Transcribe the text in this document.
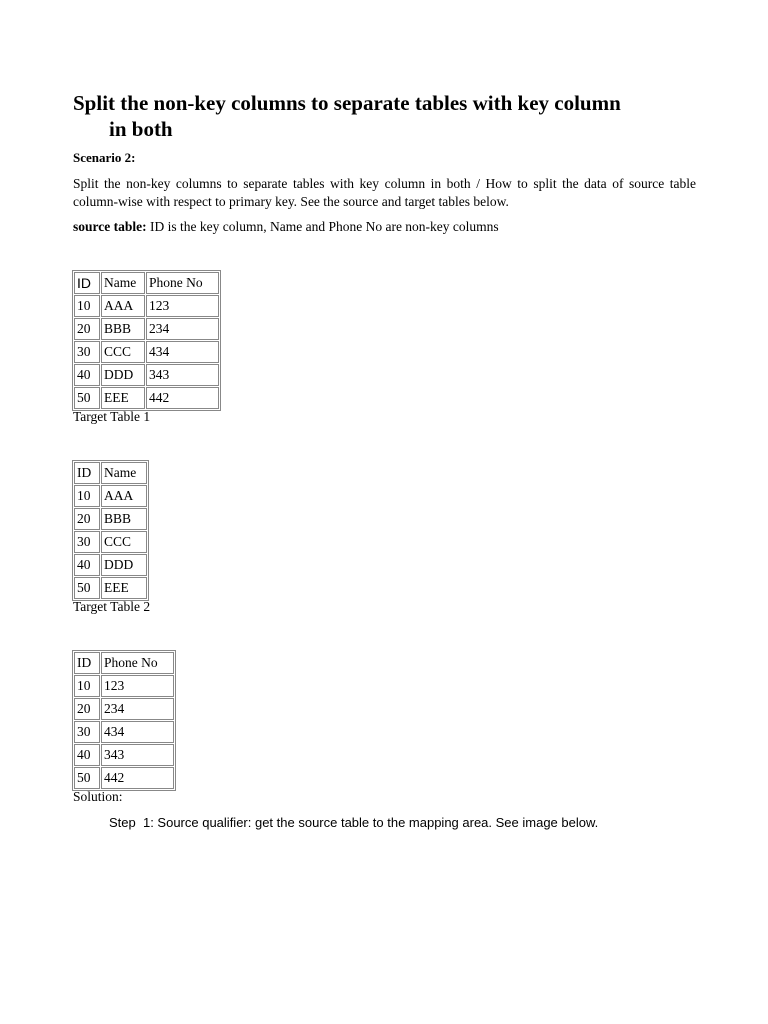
Split the non-key columns to separate tables with key column
in both

Scenario 2:

Split the non-key columns to separate tables with key column in both / How to split the data of source table column-wise with respect to primary key. See the source and target tables below.

source table: ID is the key column, Name and Phone No are non-key columns

ID	Name	Phone No
10	AAA	123
20	BBB	234
30	CCC	434
40	DDD	343
50	EEE	442

Target Table 1

ID	Name
10	AAA
20	BBB
30	CCC
40	DDD
50	EEE

Target Table 2

ID	Phone No
10	123
20	234
30	434
40	343
50	442

Solution:

Step  1: Source qualifier: get the source table to the mapping area. See image below.
